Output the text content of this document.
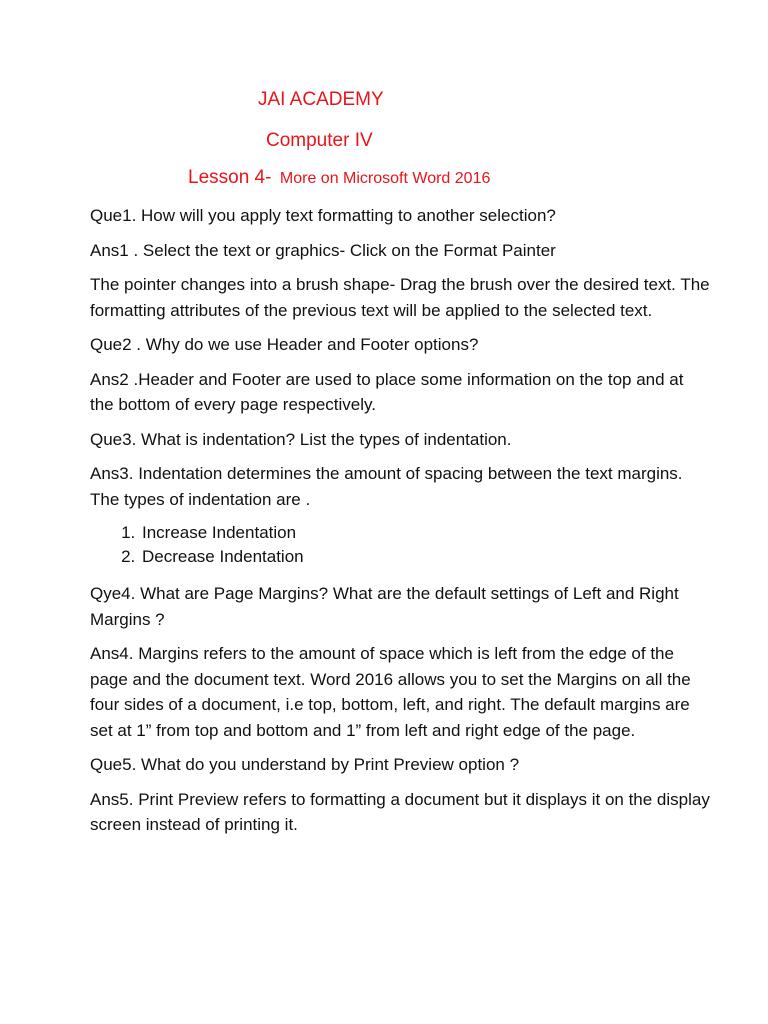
JAI ACADEMY
Computer IV
Lesson 4- More on Microsoft Word 2016

Que1. How will you apply text formatting to another selection?

Ans1 . Select the text or graphics- Click on the Format Painter

The pointer changes into a brush shape- Drag the brush over the desired text. The formatting attributes of the previous text will be applied to the selected text.

Que2 . Why do we use Header and Footer options?

Ans2 .Header and Footer are used to place some information on the top and at the bottom of every page respectively.

Que3. What is indentation? List the types of indentation.

Ans3. Indentation determines the amount of spacing between the text margins. The types of indentation are .

1. Increase Indentation
2. Decrease Indentation

Qye4. What are Page Margins? What are the default settings of Left and Right Margins ?

Ans4. Margins refers to the amount of space which is left from the edge of the page and the document text. Word 2016 allows you to set the Margins on all the four sides of a document, i.e top, bottom, left, and right. The default margins are set at 1” from top and bottom and 1” from left and right edge of the page.

Que5. What do you understand by Print Preview option ?

Ans5. Print Preview refers to formatting a document but it displays it on the display screen instead of printing it.
